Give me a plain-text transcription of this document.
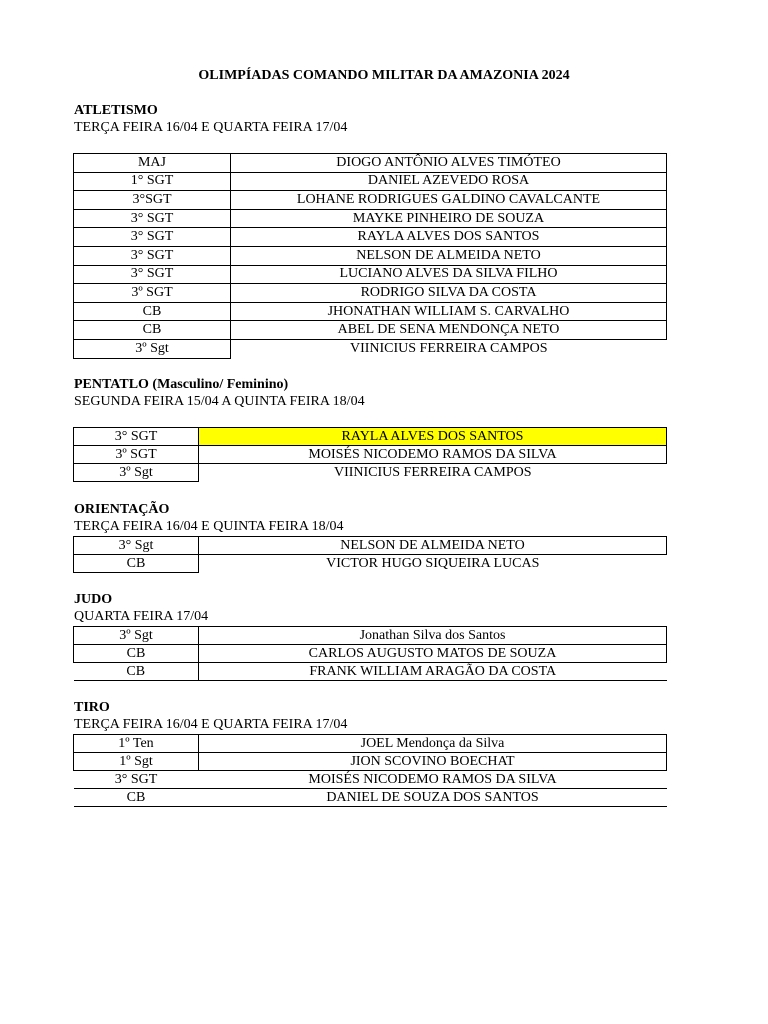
OLIMPÍADAS COMANDO MILITAR DA AMAZONIA 2024
ATLETISMO
TERÇA FEIRA 16/04 E QUARTA FEIRA 17/04
MAJ	DIOGO ANTÔNIO ALVES TIMÓTEO
1° SGT	DANIEL AZEVEDO ROSA
3°SGT	LOHANE RODRIGUES GALDINO CAVALCANTE
3° SGT	MAYKE PINHEIRO DE SOUZA
3° SGT	RAYLA ALVES DOS SANTOS
3° SGT	NELSON DE ALMEIDA NETO
3° SGT	LUCIANO ALVES DA SILVA FILHO
3º SGT	RODRIGO SILVA DA COSTA
CB	JHONATHAN WILLIAM S. CARVALHO
CB	ABEL DE SENA MENDONÇA NETO
3º Sgt	VIINICIUS FERREIRA CAMPOS
PENTATLO (Masculino/ Feminino)
SEGUNDA FEIRA 15/04 A QUINTA FEIRA 18/04
3° SGT	RAYLA ALVES DOS SANTOS
3º SGT	MOISÉS NICODEMO RAMOS DA SILVA
3º Sgt	VIINICIUS FERREIRA CAMPOS
ORIENTAÇÃO
TERÇA FEIRA 16/04 E QUINTA FEIRA 18/04
3° Sgt	NELSON DE ALMEIDA NETO
CB	VICTOR HUGO SIQUEIRA LUCAS
JUDO
QUARTA FEIRA 17/04
3º Sgt	Jonathan Silva dos Santos
CB	CARLOS AUGUSTO MATOS DE SOUZA
CB	FRANK WILLIAM ARAGÃO DA COSTA
TIRO
TERÇA FEIRA 16/04 E QUARTA FEIRA 17/04
1º Ten	JOEL Mendonça da Silva
1º Sgt	JION SCOVINO BOECHAT
3° SGT	MOISÉS NICODEMO RAMOS DA SILVA
CB	DANIEL DE SOUZA DOS SANTOS
